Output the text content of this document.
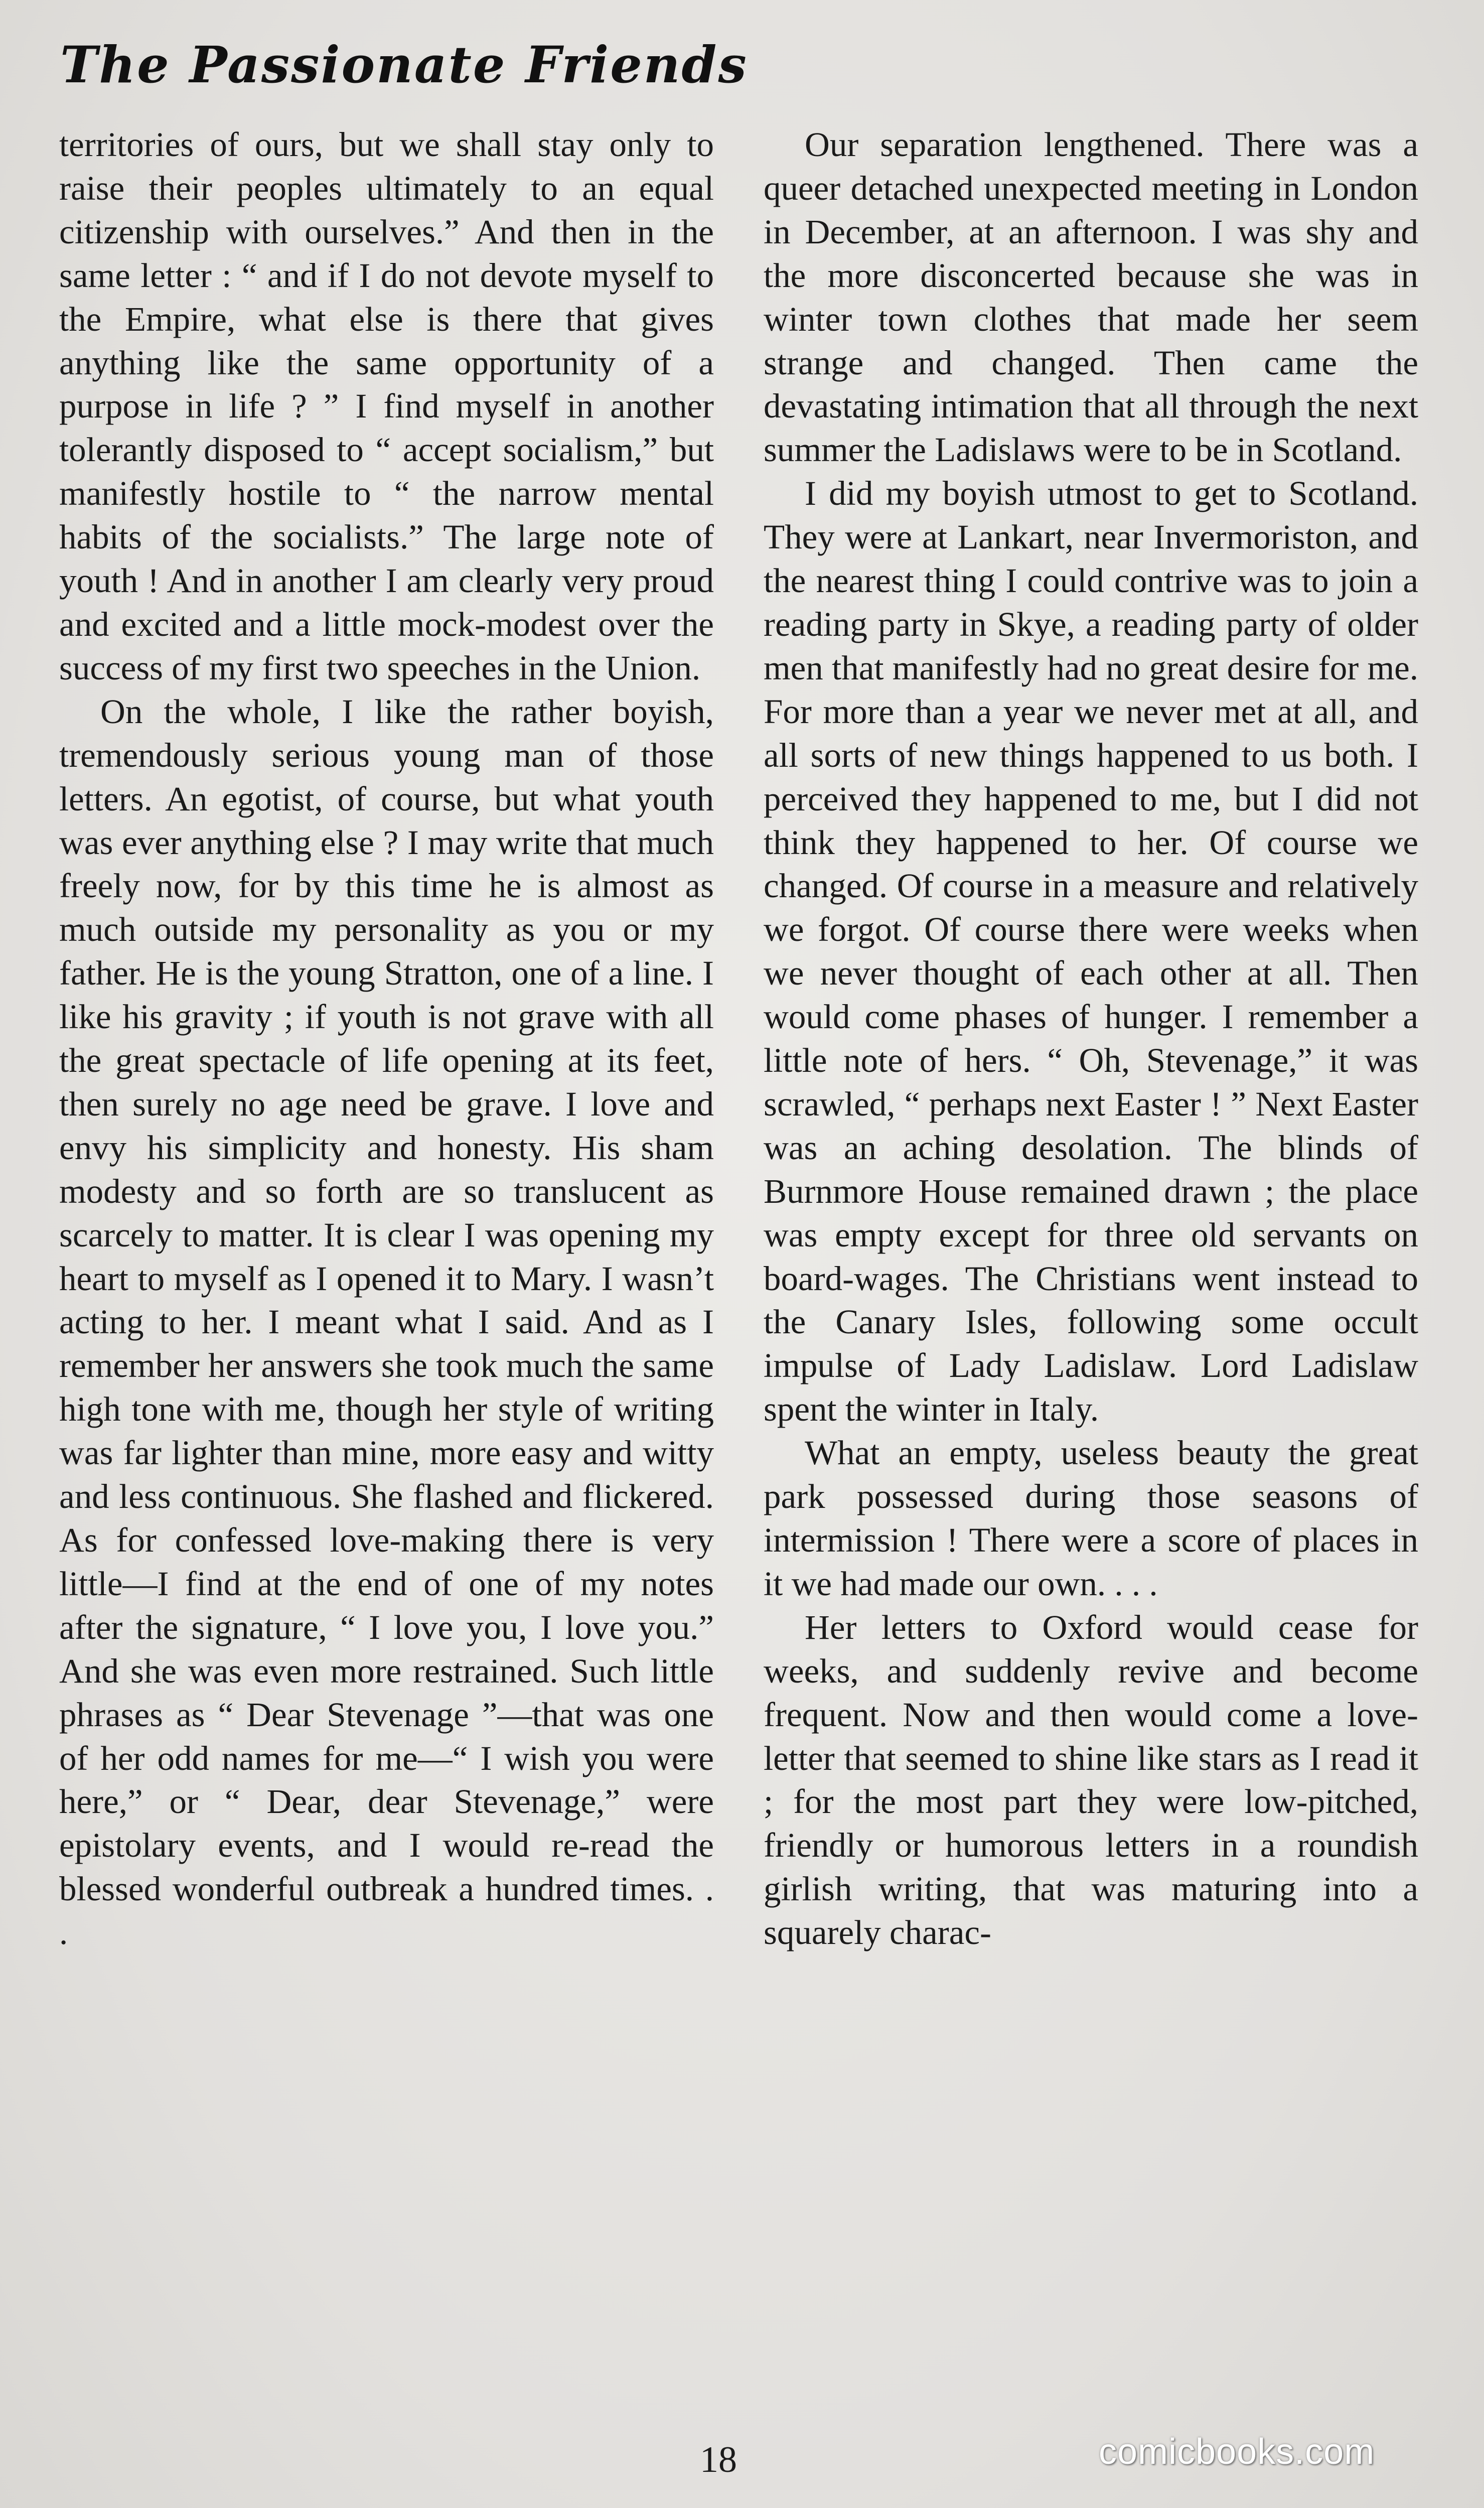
The Passionate Friends

territories of ours, but we shall stay only to raise their peoples ultimately to an equal citizenship with ourselves.” And then in the same letter : “ and if I do not devote myself to the Empire, what else is there that gives anything like the same opportunity of a purpose in life ? ” I find myself in another tolerantly disposed to “ accept socialism,” but manifestly hostile to “ the narrow mental habits of the socialists.” The large note of youth ! And in another I am clearly very proud and excited and a little mock-modest over the success of my first two speeches in the Union.

On the whole, I like the rather boyish, tremendously serious young man of those letters. An egotist, of course, but what youth was ever anything else ? I may write that much freely now, for by this time he is almost as much outside my personality as you or my father. He is the young Stratton, one of a line. I like his gravity ; if youth is not grave with all the great spectacle of life opening at its feet, then surely no age need be grave. I love and envy his simplicity and honesty. His sham modesty and so forth are so translucent as scarcely to matter. It is clear I was opening my heart to myself as I opened it to Mary. I wasn’t acting to her. I meant what I said. And as I remember her answers she took much the same high tone with me, though her style of writing was far lighter than mine, more easy and witty and less continuous. She flashed and flickered. As for confessed love-making there is very little—I find at the end of one of my notes after the signature, “ I love you, I love you.” And she was even more restrained. Such little phrases as “ Dear Stevenage ”—that was one of her odd names for me—“ I wish you were here,” or “ Dear, dear Stevenage,” were epistolary events, and I would re-read the blessed wonderful outbreak a hundred times. . .

Our separation lengthened. There was a queer detached unexpected meeting in London in December, at an afternoon. I was shy and the more disconcerted because she was in winter town clothes that made her seem strange and changed. Then came the devastating intimation that all through the next summer the Ladislaws were to be in Scotland.

I did my boyish utmost to get to Scotland. They were at Lankart, near Invermoriston, and the nearest thing I could contrive was to join a reading party in Skye, a reading party of older men that manifestly had no great desire for me. For more than a year we never met at all, and all sorts of new things happened to us both. I perceived they happened to me, but I did not think they happened to her. Of course we changed. Of course in a measure and relatively we forgot. Of course there were weeks when we never thought of each other at all. Then would come phases of hunger. I remember a little note of hers. “ Oh, Stevenage,” it was scrawled, “ perhaps next Easter ! ” Next Easter was an aching desolation. The blinds of Burnmore House remained drawn ; the place was empty except for three old servants on board-wages. The Christians went instead to the Canary Isles, following some occult impulse of Lady Ladislaw. Lord Ladislaw spent the winter in Italy.

What an empty, useless beauty the great park possessed during those seasons of intermission ! There were a score of places in it we had made our own. . . .

Her letters to Oxford would cease for weeks, and suddenly revive and become frequent. Now and then would come a love-letter that seemed to shine like stars as I read it ; for the most part they were low-pitched, friendly or humorous letters in a roundish girlish writing, that was maturing into a squarely charac-

18	comicbooks.com
